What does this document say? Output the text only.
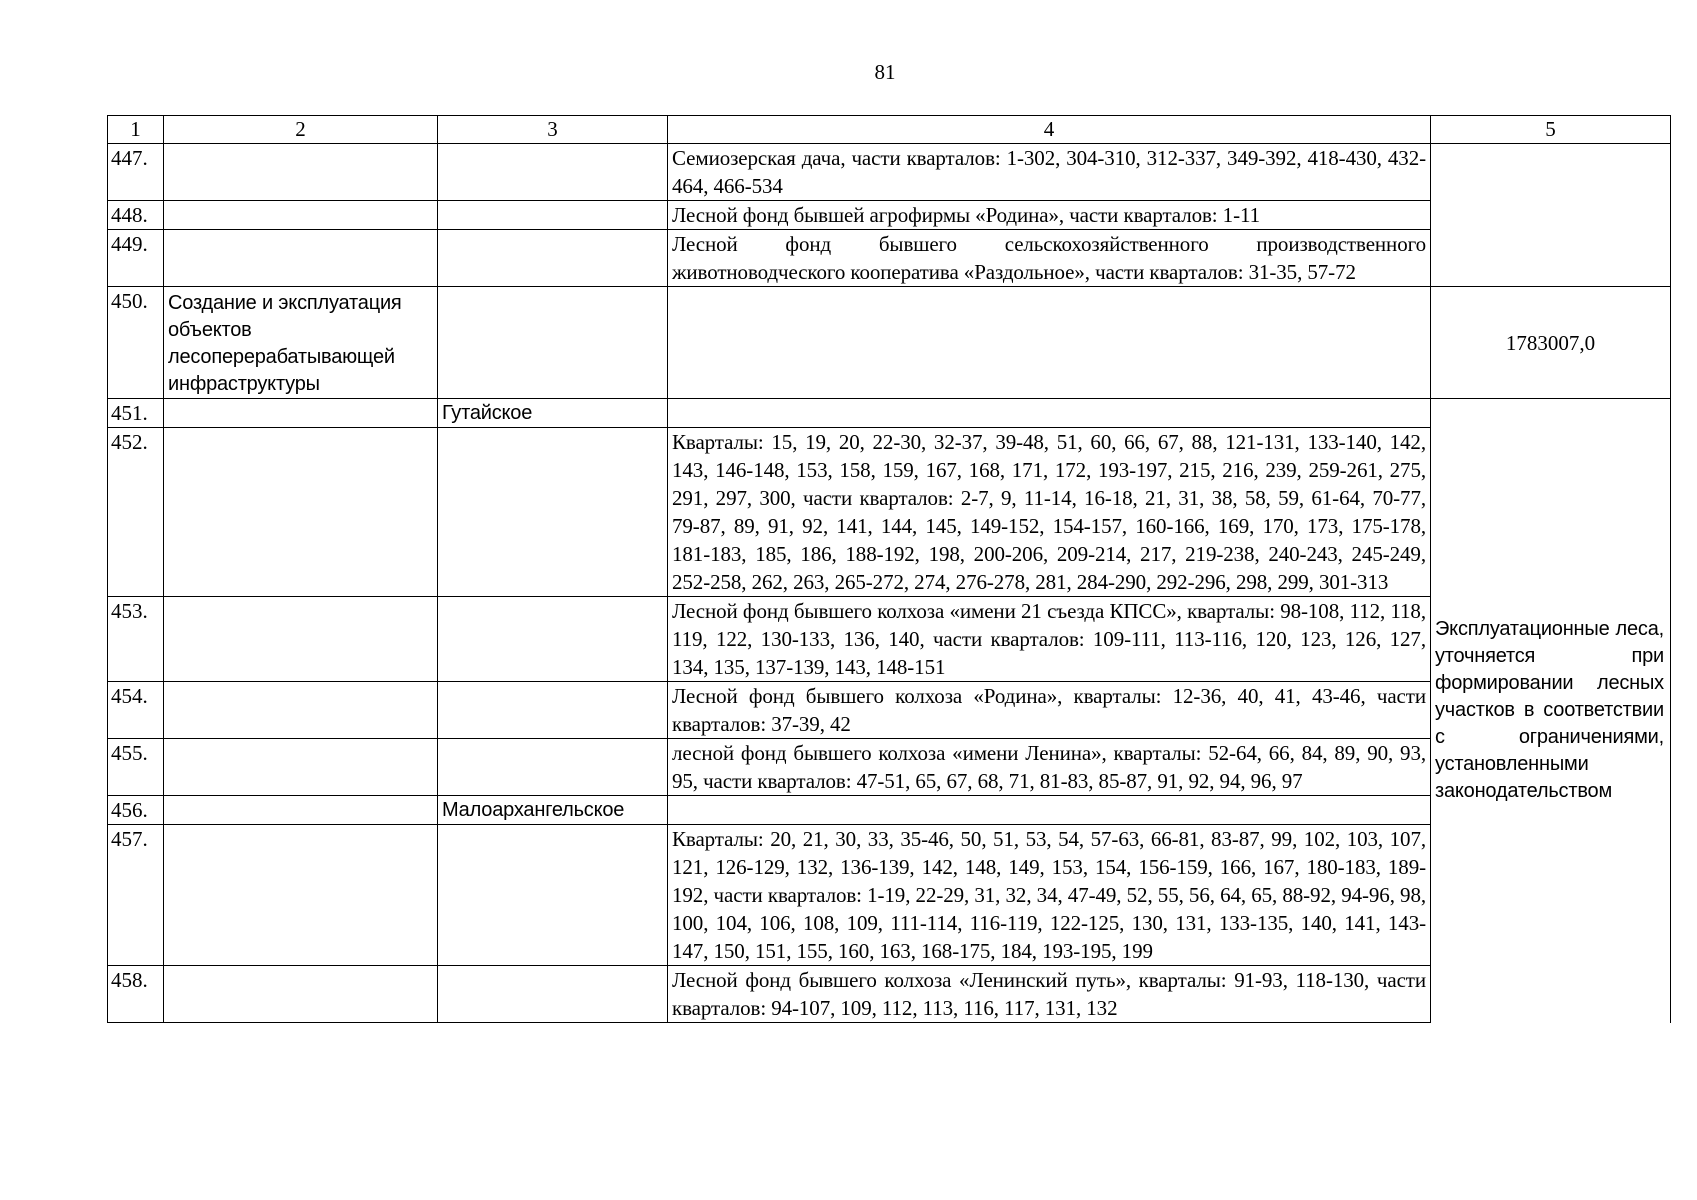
81
1	2	3	4	5
447.			Семиозерская дача, части кварталов: 1-302, 304-310, 312-337, 349-392, 418-430, 432-464, 466-534	
448.			Лесной фонд бывшей агрофирмы «Родина», части кварталов: 1-11	
449.			Лесной фонд бывшего сельскохозяйственного производственного животноводческого кооператива «Раздольное», части кварталов: 31-35, 57-72	
450.	Создание и эксплуатация объектов лесоперерабатывающей инфраструктуры			1783007,0
451.		Гутайское		Эксплуатационные леса, уточняется при формировании лесных участков в соответствии с ограничениями, установленными законодательством
452.			Кварталы: 15, 19, 20, 22-30, 32-37, 39-48, 51, 60, 66, 67, 88, 121-131, 133-140, 142, 143, 146-148, 153, 158, 159, 167, 168, 171, 172, 193-197, 215, 216, 239, 259-261, 275, 291, 297, 300, части кварталов: 2-7, 9, 11-14, 16-18, 21, 31, 38, 58, 59, 61-64, 70-77, 79-87, 89, 91, 92, 141, 144, 145, 149-152, 154-157, 160-166, 169, 170, 173, 175-178, 181-183, 185, 186, 188-192, 198, 200-206, 209-214, 217, 219-238, 240-243, 245-249, 252-258, 262, 263, 265-272, 274, 276-278, 281, 284-290, 292-296, 298, 299, 301-313	
453.			Лесной фонд бывшего колхоза «имени 21 съезда КПСС», кварталы: 98-108, 112, 118, 119, 122, 130-133, 136, 140, части кварталов: 109-111, 113-116, 120, 123, 126, 127, 134, 135, 137-139, 143, 148-151	
454.			Лесной фонд бывшего колхоза «Родина», кварталы: 12-36, 40, 41, 43-46, части кварталов: 37-39, 42	
455.			лесной фонд бывшего колхоза «имени Ленина», кварталы: 52-64, 66, 84, 89, 90, 93, 95, части кварталов: 47-51, 65, 67, 68, 71, 81-83, 85-87, 91, 92, 94, 96, 97	
456.		Малоархангельское		
457.			Кварталы: 20, 21, 30, 33, 35-46, 50, 51, 53, 54, 57-63, 66-81, 83-87, 99, 102, 103, 107, 121, 126-129, 132, 136-139, 142, 148, 149, 153, 154, 156-159, 166, 167, 180-183, 189-192, части кварталов: 1-19, 22-29, 31, 32, 34, 47-49, 52, 55, 56, 64, 65, 88-92, 94-96, 98, 100, 104, 106, 108, 109, 111-114, 116-119, 122-125, 130, 131, 133-135, 140, 141, 143-147, 150, 151, 155, 160, 163, 168-175, 184, 193-195, 199	
458.			Лесной фонд бывшего колхоза «Ленинский путь», кварталы: 91-93, 118-130, части кварталов: 94-107, 109, 112, 113, 116, 117, 131, 132	
